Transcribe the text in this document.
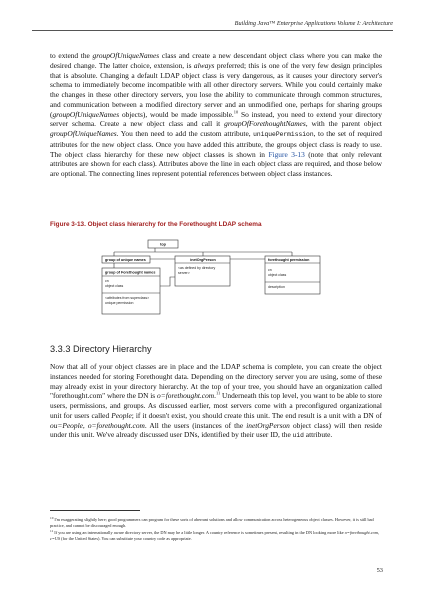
Building Java™ Enterprise Applications Volume I: Architecture
to extend the groupOfUniqueNames class and create a new descendant object class where you can make the desired change. The latter choice, extension, is always preferred; this is one of the very few design principles that is absolute. Changing a default LDAP object class is very dangerous, as it causes your directory server's schema to immediately become incompatible with all other directory servers. While you could certainly make the changes in these other directory servers, you lose the ability to communicate through common structures, and communication between a modified directory server and an unmodified one, perhaps for sharing groups (groupOfUniqueNames objects), would be made impossible.$^{10}$ So instead, you need to extend your directory server schema. Create a new object class and call it groupOfForethoughtNames, with the parent object groupOfUniqueNames. You then need to add the custom attribute, uniquePermission, to the set of required attributes for the new object class. Once you have added this attribute, the groups object class is ready to use. The object class hierarchy for these new object classes is shown in Figure 3-13 (note that only relevant attributes are shown for each class). Attributes above the line in each object class are required, and those below are optional. The connecting lines represent potential references between object class instances.
Figure 3-13. Object class hierarchy for the Forethought LDAP schema
top
group of unique names
group of Forethought names
cn
object class
<attributes from superclass>
unique permission
inetOrgPerson
<as defined by directory
server>
forethought permission
cn
object class
description
3.3.3 Directory Hierarchy
Now that all of your object classes are in place and the LDAP schema is complete, you can create the object instances needed for storing Forethought data. Depending on the directory server you are using, some of these may already exist in your directory hierarchy. At the top of your tree, you should have an organization called "forethought.com" where the DN is o=forethought.com.$^{11}$ Underneath this top level, you want to be able to store users, permissions, and groups. As discussed earlier, most servers come with a preconfigured organizational unit for users called People; if it doesn't exist, you should create this unit. The end result is a unit with a DN of ou=People, o=forethought.com. All the users (instances of the inetOrgPerson object class) will then reside under this unit. We've already discussed user DNs, identified by their user ID, the uid attribute.
$^{10}$I'm exaggerating slightly here; good programmers can program for these sorts of aberrant solutions and allow communication across heterogeneous object classes. However, it is still bad practice, and cannot be discouraged enough.
$^{11}$If you are using an internationally aware directory server, the DN may be a little longer. A country reference is sometimes present, resulting in the DN looking more like o=forethought.com, c=US (for the United States). You can substitute your country code as appropriate.
53
